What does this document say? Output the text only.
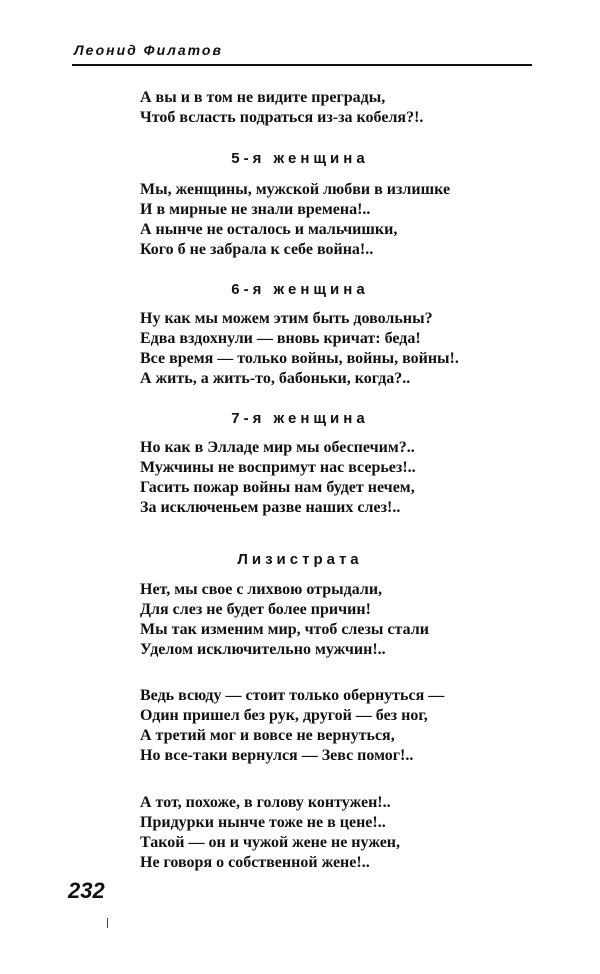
Леонид Филатов
А вы и в том не видите преграды,
Чтоб всласть подраться из-за кобеля?!.
5-я женщина
Мы, женщины, мужской любви в излишке
И в мирные не знали времена!..
А нынче не осталось и мальчишки,
Кого б не забрала к себе война!..
6-я женщина
Ну как мы можем этим быть довольны?
Едва вздохнули — вновь кричат: беда!
Все время — только войны, войны, войны!.
А жить, а жить-то, бабоньки, когда?..
7-я женщина
Но как в Элладе мир мы обеспечим?..
Мужчины не воспримут нас всерьез!..
Гасить пожар войны нам будет нечем,
За исключеньем разве наших слез!..
Лизистрата
Нет, мы свое с лихвою отрыдали,
Для слез не будет более причин!
Мы так изменим мир, чтоб слезы стали
Уделом исключительно мужчин!..
Ведь всюду — стоит только обернуться —
Один пришел без рук, другой — без ног,
А третий мог и вовсе не вернуться,
Но все-таки вернулся — Зевс помог!..
А тот, похоже, в голову контужен!..
Придурки нынче тоже не в цене!..
Такой — он и чужой жене не нужен,
Не говоря о собственной жене!..
232
